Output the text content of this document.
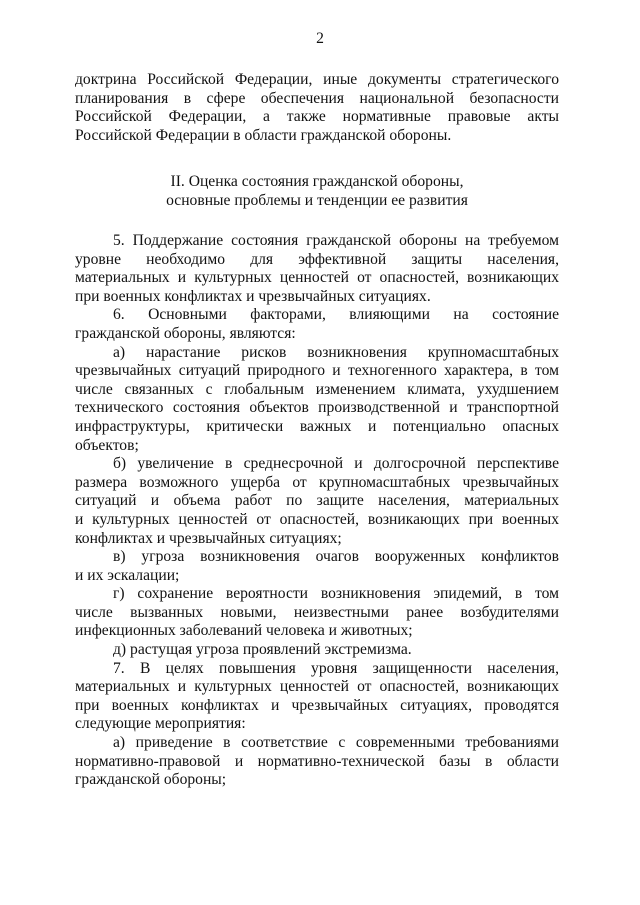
2
доктрина Российской Федерации, иные документы стратегического
планирования в сфере обеспечения национальной безопасности
Российской Федерации, а также нормативные правовые акты
Российской Федерации в области гражданской обороны.
II. Оценка состояния гражданской обороны,
основные проблемы и тенденции ее развития
5. Поддержание состояния гражданской обороны на требуемом
уровне необходимо для эффективной защиты населения,
материальных и культурных ценностей от опасностей, возникающих
при военных конфликтах и чрезвычайных ситуациях.
6. Основными факторами, влияющими на состояние
гражданской обороны, являются:
а) нарастание рисков возникновения крупномасштабных
чрезвычайных ситуаций природного и техногенного характера, в том
числе связанных с глобальным изменением климата, ухудшением
технического состояния объектов производственной и транспортной
инфраструктуры, критически важных и потенциально опасных
объектов;
б) увеличение в среднесрочной и долгосрочной перспективе
размера возможного ущерба от крупномасштабных чрезвычайных
ситуаций и объема работ по защите населения, материальных
и культурных ценностей от опасностей, возникающих при военных
конфликтах и чрезвычайных ситуациях;
в) угроза возникновения очагов вооруженных конфликтов
и их эскалации;
г) сохранение вероятности возникновения эпидемий, в том
числе вызванных новыми, неизвестными ранее возбудителями
инфекционных заболеваний человека и животных;
д) растущая угроза проявлений экстремизма.
7. В целях повышения уровня защищенности населения,
материальных и культурных ценностей от опасностей, возникающих
при военных конфликтах и чрезвычайных ситуациях, проводятся
следующие мероприятия:
а) приведение в соответствие с современными требованиями
нормативно-правовой и нормативно-технической базы в области
гражданской обороны;
